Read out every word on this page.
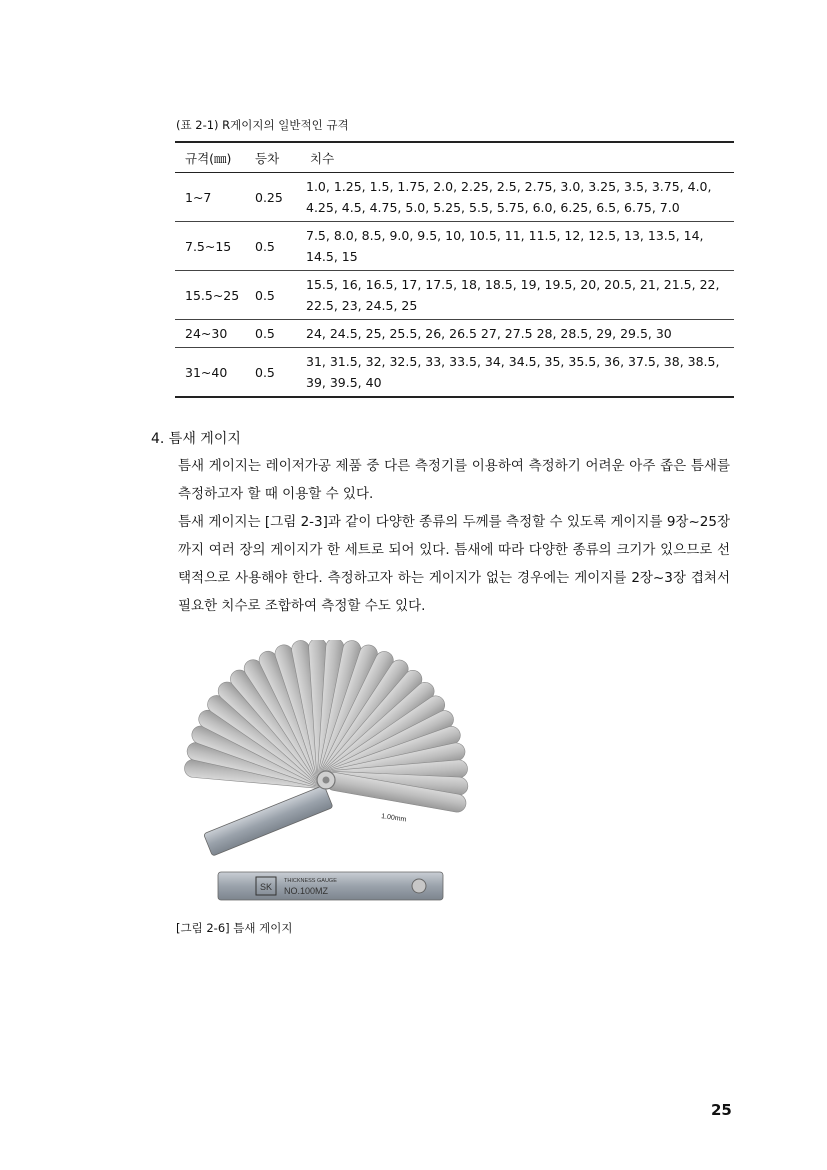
(표 2-1) R게이지의 일반적인 규격
규격(㎜)	등차	치수
1~7	0.25	1.0, 1.25, 1.5, 1.75, 2.0, 2.25, 2.5, 2.75, 3.0, 3.25, 3.5, 3.75, 4.0, 4.25, 4.5, 4.75, 5.0, 5.25, 5.5, 5.75, 6.0, 6.25, 6.5, 6.75, 7.0
7.5~15	0.5	7.5, 8.0, 8.5, 9.0, 9.5, 10, 10.5, 11, 11.5, 12, 12.5, 13, 13.5, 14, 14.5, 15
15.5~25	0.5	15.5, 16, 16.5, 17, 17.5, 18, 18.5, 19, 19.5, 20, 20.5, 21, 21.5, 22, 22.5, 23, 24.5, 25
24~30	0.5	24, 24.5, 25, 25.5, 26, 26.5 27, 27.5 28, 28.5, 29, 29.5, 30
31~40	0.5	31, 31.5, 32, 32.5, 33, 33.5, 34, 34.5, 35, 35.5, 36, 37.5, 38, 38.5, 39, 39.5, 40
4. 틈새 게이지

틈새 게이지는 레이저가공 제품 중 다른 측정기를 이용하여 측정하기 어려운 아주 좁은 틈새를 측정하고자 할 때 이용할 수 있다.

틈새 게이지는 [그림 2-3]과 같이 다양한 종류의 두께를 측정할 수 있도록 게이지를 9장~25장까지 여러 장의 게이지가 한 세트로 되어 있다. 틈새에 따라 다양한 종류의 크기가 있으므로 선택적으로 사용해야 한다. 측정하고자 하는 게이지가 없는 경우에는 게이지를 2장~3장 겹쳐서 필요한 치수로 조합하여 측정할 수도 있다.

SK
THICKNESS GAUGE
NO.100MZ
1.00mm
[그림 2-6] 틈새 게이지
25
